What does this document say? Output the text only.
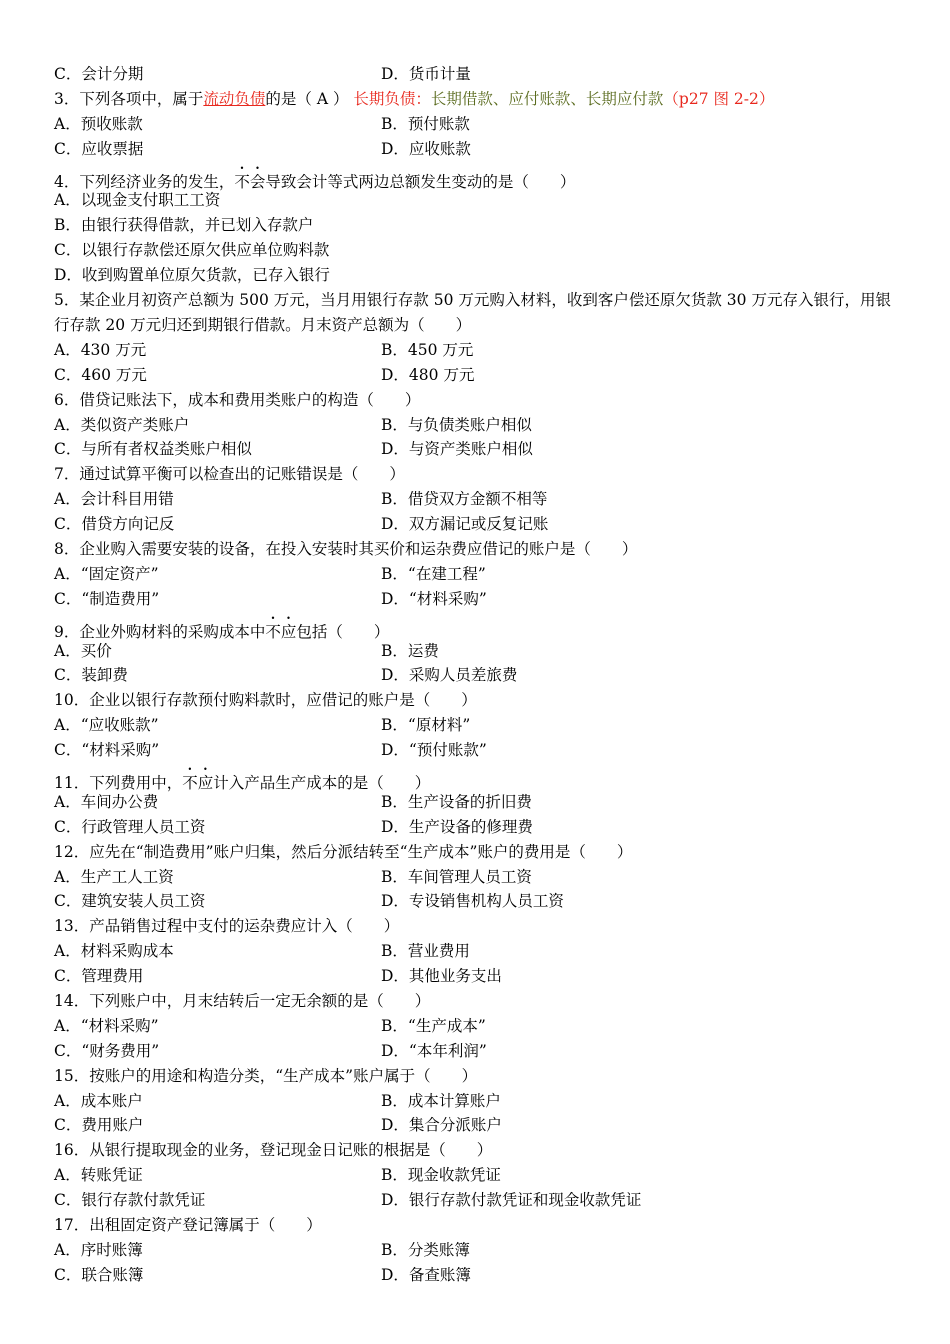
C．会计分期	D．货币计量
3．下列各项中，属于流动负债的是（ A ） 长期负债：长期借款、应付账款、长期应付款（p27 图 2-2）
A．预收账款	B．预付账款
C．应收票据	D．应收账款
4．下列经济业务的发生，不会导致会计等式两边总额发生变动的是（　　）
A．以现金支付职工工资
B．由银行获得借款，并已划入存款户
C．以银行存款偿还原欠供应单位购料款
D．收到购置单位原欠货款，已存入银行
5．某企业月初资产总额为 500 万元，当月用银行存款 50 万元购入材料，收到客户偿还原欠货款 30 万元存入银行，用银行存款 20 万元归还到期银行借款。月末资产总额为（　　）
A．430 万元	B．450 万元
C．460 万元	D．480 万元
6．借贷记账法下，成本和费用类账户的构造（　　）
A．类似资产类账户	B．与负债类账户相似
C．与所有者权益类账户相似	D．与资产类账户相似
7．通过试算平衡可以检查出的记账错误是（　　）
A．会计科目用错	B．借贷双方金额不相等
C．借贷方向记反	D．双方漏记或反复记账
8．企业购入需要安装的设备，在投入安装时其买价和运杂费应借记的账户是（　　）
A．“固定资产”	B．“在建工程”
C．“制造费用”	D．“材料采购”
9．企业外购材料的采购成本中不应包括（　　）
A．买价	B．运费
C．装卸费	D．采购人员差旅费
10．企业以银行存款预付购料款时，应借记的账户是（　　）
A．“应收账款”	B．“原材料”
C．“材料采购”	D．“预付账款”
11．下列费用中，不应计入产品生产成本的是（　　）
A．车间办公费	B．生产设备的折旧费
C．行政管理人员工资	D．生产设备的修理费
12．应先在“制造费用”账户归集，然后分派结转至“生产成本”账户的费用是（　　）
A．生产工人工资	B．车间管理人员工资
C．建筑安装人员工资	D．专设销售机构人员工资
13．产品销售过程中支付的运杂费应计入（　　）
A．材料采购成本	B．营业费用
C．管理费用	D．其他业务支出
14．下列账户中，月末结转后一定无余额的是（　　）
A．“材料采购”	B．“生产成本”
C．“财务费用”	D．“本年利润”
15．按账户的用途和构造分类，“生产成本”账户属于（　　）
A．成本账户	B．成本计算账户
C．费用账户	D．集合分派账户
16．从银行提取现金的业务，登记现金日记账的根据是（　　）
A．转账凭证	B．现金收款凭证
C．银行存款付款凭证	D．银行存款付款凭证和现金收款凭证
17．出租固定资产登记簿属于（　　）
A．序时账簿	B．分类账簿
C．联合账簿	D．备查账簿
